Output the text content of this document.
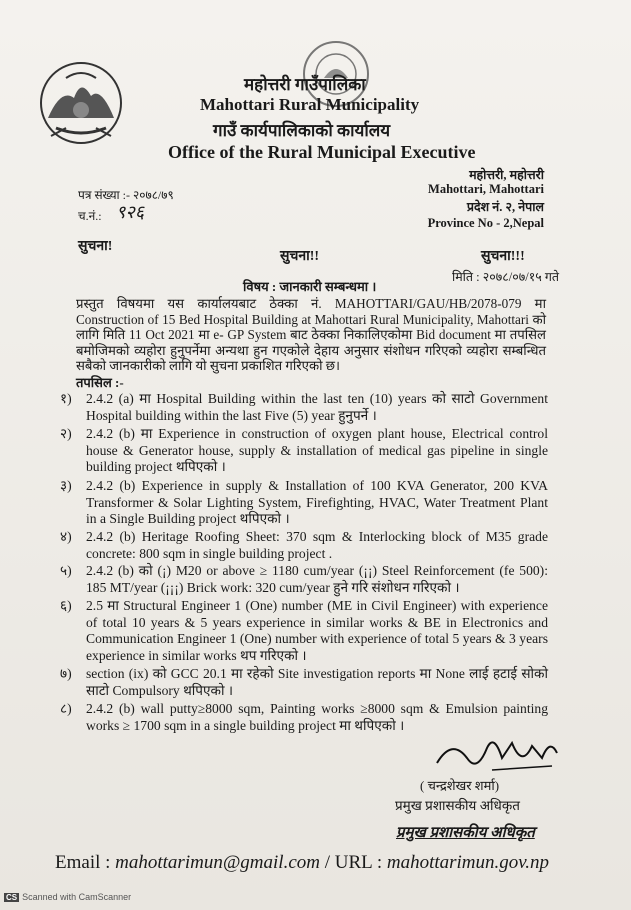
महोत्तरी गाउँपालिका
Mahottari Rural Municipality
गाउँ कार्यपालिकाको कार्यालय
Office of the Rural Municipal Executive
महोत्तरी, महोत्तरी
Mahottari, Mahottari
प्रदेश नं. २, नेपाल
Province No - 2,Nepal
पत्र संख्या :- २०७८/७९
च.नं.: ९२६
सुचना!
सुचना!!	सुचना!!!
मिति : २०७८/०७/१५ गते
विषय : जानकारी सम्बन्धमा ।
प्रस्तुत विषयमा यस कार्यालयबाट ठेक्का नं. MAHOTTARI/GAU/HB/2078-079 मा Construction of 15 Bed Hospital Building at Mahottari Rural Municipality, Mahottari को लागि मिति 11 Oct 2021 मा e- GP System बाट ठेक्का निकालिएकोमा Bid document मा तपसिल बमोजिमको व्यहोरा हुनुपर्नेमा अन्यथा हुन गएकोले देहाय अनुसार संशोधन गरिएको व्यहोरा सम्बन्धित सबैको जानकारीको लागि यो सुचना प्रकाशित गरिएको छ।
तपसिल :-
१)	2.4.2 (a) मा Hospital Building within the last ten (10) years को साटो Government Hospital building within the last Five (5) year हुनुपर्ने ।
२)	2.4.2 (b) मा Experience in construction of oxygen plant house, Electrical control house & Generator house, supply & installation of medical gas pipeline in single building project थपिएको ।
३)	2.4.2 (b) Experience in supply & Installation of 100 KVA Generator, 200 KVA Transformer & Solar Lighting System, Firefighting, HVAC, Water Treatment Plant in a Single Building project थपिएको ।
४)	2.4.2 (b) Heritage Roofing Sheet: 370 sqm & Interlocking block of M35 grade concrete: 800 sqm in single building project .
५)	2.4.2 (b) को (¡) M20 or above ≥ 1180 cum/year (¡¡) Steel Reinforcement (fe 500): 185 MT/year (¡¡¡) Brick work: 320 cum/year हुने गरि संशोधन गरिएको ।
६)	2.5 मा Structural Engineer 1 (One) number (ME in Civil Engineer) with experience of total 10 years & 5 years experience in similar works & BE in Electronics and Communication Engineer 1 (One) number with experience of total 5 years & 3 years experience in similar works थप गरिएको ।
७)	section (ix) को GCC 20.1 मा रहेको Site investigation reports मा None लाई हटाई सोको साटो Compulsory थपिएको ।
८)	2.4.2 (b) wall putty≥8000 sqm, Painting works ≥8000 sqm & Emulsion painting works ≥ 1700 sqm in a single building project मा थपिएको ।
( चन्द्रशेखर शर्मा)
प्रमुख प्रशासकीय अधिकृत
प्रमुख प्रशासकीय अधिकृत
Email : mahottarimun@gmail.com / URL : mahottarimun.gov.np
CS Scanned with CamScanner
